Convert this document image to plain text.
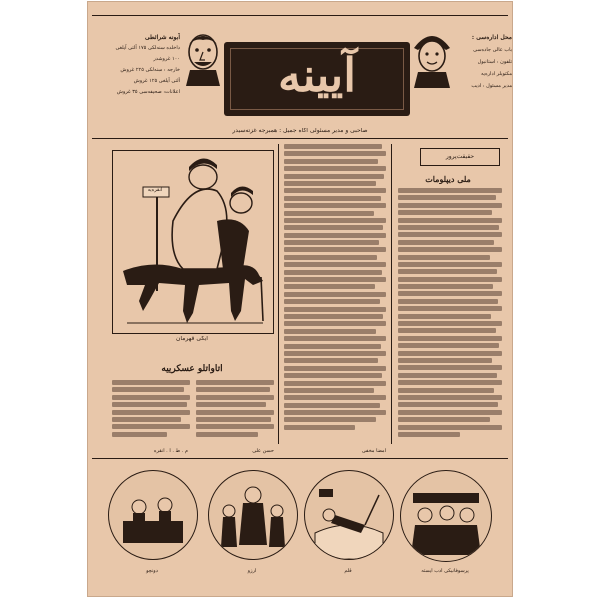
آبونه شرائطی
داخلده سنه‌لکی ١٧٥ آلتی آیلغی
١٠٠ غروشدر
خارجه : سنه‌لکی ٢٢٥ غروش
آلتی آیلغی ١٢٥ غروش
اعلانات: صحیفه‌سی ٣٥ غروش	آيينه
محل اداره‌سی :
باب عالی جاده‌سی
تلفون : استانبول
مکتوبلر اداره‌یه
مدیر مسئول : ادیب
صاحبی و مدیر مسئولی آکاه جمیل : همبرجه غزته‌سیدر
آنقره‌یه
ایکی قهرمان
حقیقت‌پرور
ملی دیپلومات
آتاواتلو عسکرییه
م . ط . ا . آنقره	حسن علی	امضا مخفی
دونچو	آرزو	قلم	پرسوفانیکی ادب ایسته
